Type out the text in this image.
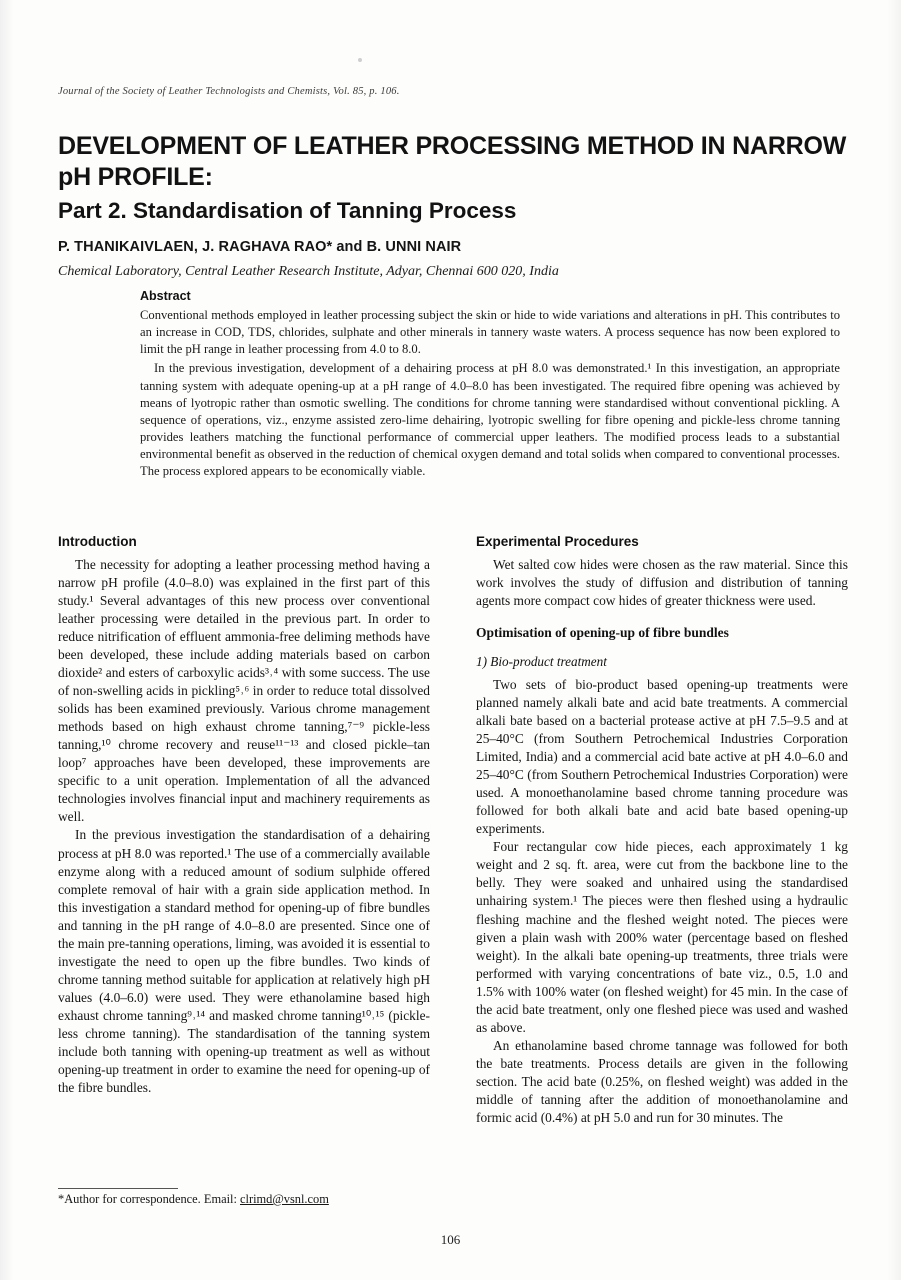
Journal of the Society of Leather Technologists and Chemists, Vol. 85, p. 106.
DEVELOPMENT OF LEATHER PROCESSING METHOD IN NARROW pH PROFILE:
Part 2. Standardisation of Tanning Process
P. THANIKAIVLAEN, J. RAGHAVA RAO* and B. UNNI NAIR
Chemical Laboratory, Central Leather Research Institute, Adyar, Chennai 600 020, India
Abstract

Conventional methods employed in leather processing subject the skin or hide to wide variations and alterations in pH. This contributes to an increase in COD, TDS, chlorides, sulphate and other minerals in tannery waste waters. A process sequence has now been explored to limit the pH range in leather processing from 4.0 to 8.0.

In the previous investigation, development of a dehairing process at pH 8.0 was demonstrated.¹ In this investigation, an appropriate tanning system with adequate opening-up at a pH range of 4.0–8.0 has been investigated. The required fibre opening was achieved by means of lyotropic rather than osmotic swelling. The conditions for chrome tanning were standardised without conventional pickling. A sequence of operations, viz., enzyme assisted zero-lime dehairing, lyotropic swelling for fibre opening and pickle-less chrome tanning provides leathers matching the functional performance of commercial upper leathers. The modified process leads to a substantial environmental benefit as observed in the reduction of chemical oxygen demand and total solids when compared to conventional processes. The process explored appears to be economically viable.

Introduction

The necessity for adopting a leather processing method having a narrow pH profile (4.0–8.0) was explained in the first part of this study.¹ Several advantages of this new process over conventional leather processing were detailed in the previous part. In order to reduce nitrification of effluent ammonia-free deliming methods have been developed, these include adding materials based on carbon dioxide² and esters of carboxylic acids³˒⁴ with some success. The use of non-swelling acids in pickling⁵˒⁶ in order to reduce total dissolved solids has been examined previously. Various chrome management methods based on high exhaust chrome tanning,⁷⁻⁹ pickle-less tanning,¹⁰ chrome recovery and reuse¹¹⁻¹³ and closed pickle–tan loop⁷ approaches have been developed, these improvements are specific to a unit operation. Implementation of all the advanced technologies involves financial input and machinery requirements as well.

In the previous investigation the standardisation of a dehairing process at pH 8.0 was reported.¹ The use of a commercially available enzyme along with a reduced amount of sodium sulphide offered complete removal of hair with a grain side application method. In this investigation a standard method for opening-up of fibre bundles and tanning in the pH range of 4.0–8.0 are presented. Since one of the main pre-tanning operations, liming, was avoided it is essential to investigate the need to open up the fibre bundles. Two kinds of chrome tanning method suitable for application at relatively high pH values (4.0–6.0) were used. They were ethanolamine based high exhaust chrome tanning⁹˒¹⁴ and masked chrome tanning¹⁰˒¹⁵ (pickle-less chrome tanning). The standardisation of the tanning system include both tanning with opening-up treatment as well as without opening-up treatment in order to examine the need for opening-up of the fibre bundles.

Experimental Procedures

Wet salted cow hides were chosen as the raw material. Since this work involves the study of diffusion and distribution of tanning agents more compact cow hides of greater thickness were used.

Optimisation of opening-up of fibre bundles
1) Bio-product treatment

Two sets of bio-product based opening-up treatments were planned namely alkali bate and acid bate treatments. A commercial alkali bate based on a bacterial protease active at pH 7.5–9.5 and at 25–40°C (from Southern Petrochemical Industries Corporation Limited, India) and a commercial acid bate active at pH 4.0–6.0 and 25–40°C (from Southern Petrochemical Industries Corporation) were used. A monoethanolamine based chrome tanning procedure was followed for both alkali bate and acid bate based opening-up experiments.

Four rectangular cow hide pieces, each approximately 1 kg weight and 2 sq. ft. area, were cut from the backbone line to the belly. They were soaked and unhaired using the standardised unhairing system.¹ The pieces were then fleshed using a hydraulic fleshing machine and the fleshed weight noted. The pieces were given a plain wash with 200% water (percentage based on fleshed weight). In the alkali bate opening-up treatments, three trials were performed with varying concentrations of bate viz., 0.5, 1.0 and 1.5% with 100% water (on fleshed weight) for 45 min. In the case of the acid bate treatment, only one fleshed piece was used and washed as above.

An ethanolamine based chrome tannage was followed for both the bate treatments. Process details are given in the following section. The acid bate (0.25%, on fleshed weight) was added in the middle of tanning after the addition of monoethanolamine and formic acid (0.4%) at pH 5.0 and run for 30 minutes. The

*Author for correspondence. Email: clrimd@vsnl.com
106
